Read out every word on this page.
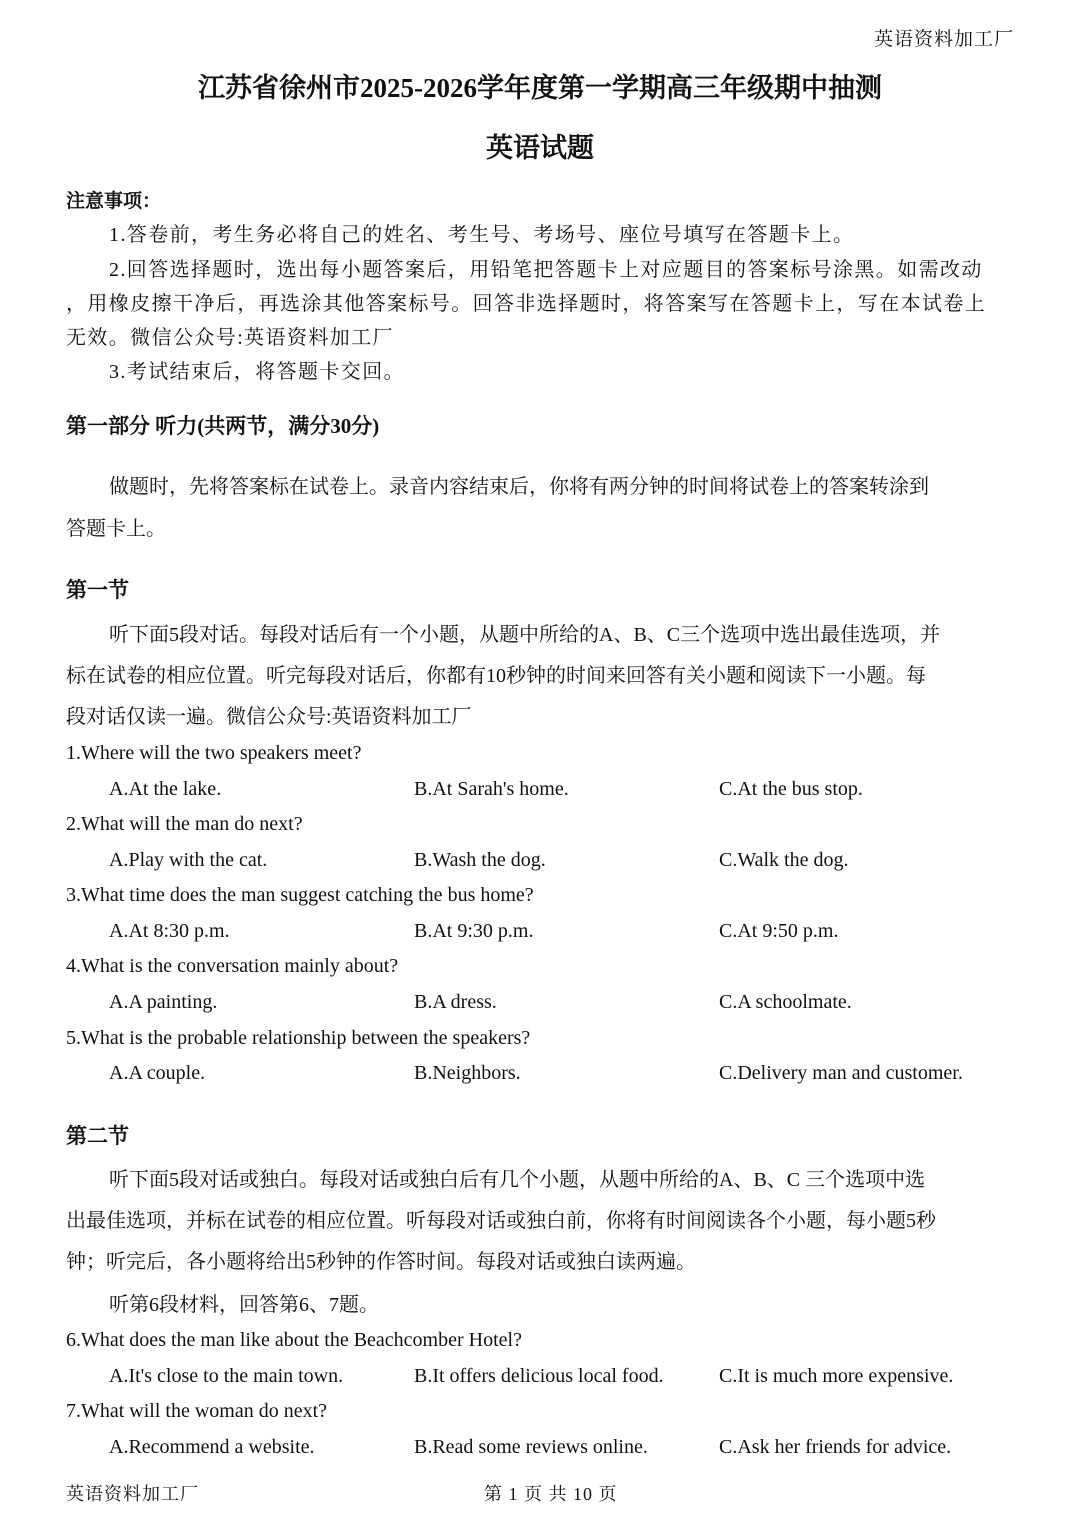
英语资料加工厂
江苏省徐州市2025-2026学年度第一学期高三年级期中抽测
英语试题
注意事项：
1.答卷前，考生务必将自己的姓名、考生号、考场号、座位号填写在答题卡上。
2.回答选择题时，选出每小题答案后，用铅笔把答题卡上对应题目的答案标号涂黑。如需改动
，用橡皮擦干净后，再选涂其他答案标号。回答非选择题时，将答案写在答题卡上，写在本试卷上
无效。微信公众号:英语资料加工厂
3.考试结束后，将答题卡交回。
第一部分 听力(共两节，满分30分)
做题时，先将答案标在试卷上。录音内容结束后，你将有两分钟的时间将试卷上的答案转涂到
答题卡上。
第一节
听下面5段对话。每段对话后有一个小题，从题中所给的A、B、C三个选项中选出最佳选项，并
标在试卷的相应位置。听完每段对话后，你都有10秒钟的时间来回答有关小题和阅读下一小题。每
段对话仅读一遍。微信公众号:英语资料加工厂
1.Where will the two speakers meet?
A.At the lake.	B.At Sarah's home.	C.At the bus stop.
2.What will the man do next?
A.Play with the cat.	B.Wash the dog.	C.Walk the dog.
3.What time does the man suggest catching the bus home?
A.At 8:30 p.m.	B.At 9:30 p.m.	C.At 9:50 p.m.
4.What is the conversation mainly about?
A.A painting.	B.A dress.	C.A schoolmate.
5.What is the probable relationship between the speakers?
A.A couple.	B.Neighbors.	C.Delivery man and customer.
第二节
听下面5段对话或独白。每段对话或独白后有几个小题，从题中所给的A、B、C 三个选项中选
出最佳选项，并标在试卷的相应位置。听每段对话或独白前，你将有时间阅读各个小题，每小题5秒
钟；听完后，各小题将给出5秒钟的作答时间。每段对话或独白读两遍。
听第6段材料，回答第6、7题。
6.What does the man like about the Beachcomber Hotel?
A.It's close to the main town.	B.It offers delicious local food.	C.It is much more expensive.
7.What will the woman do next?
A.Recommend a website.	B.Read some reviews online.	C.Ask her friends for advice.
英语资料加工厂	第 1 页 共 10 页
